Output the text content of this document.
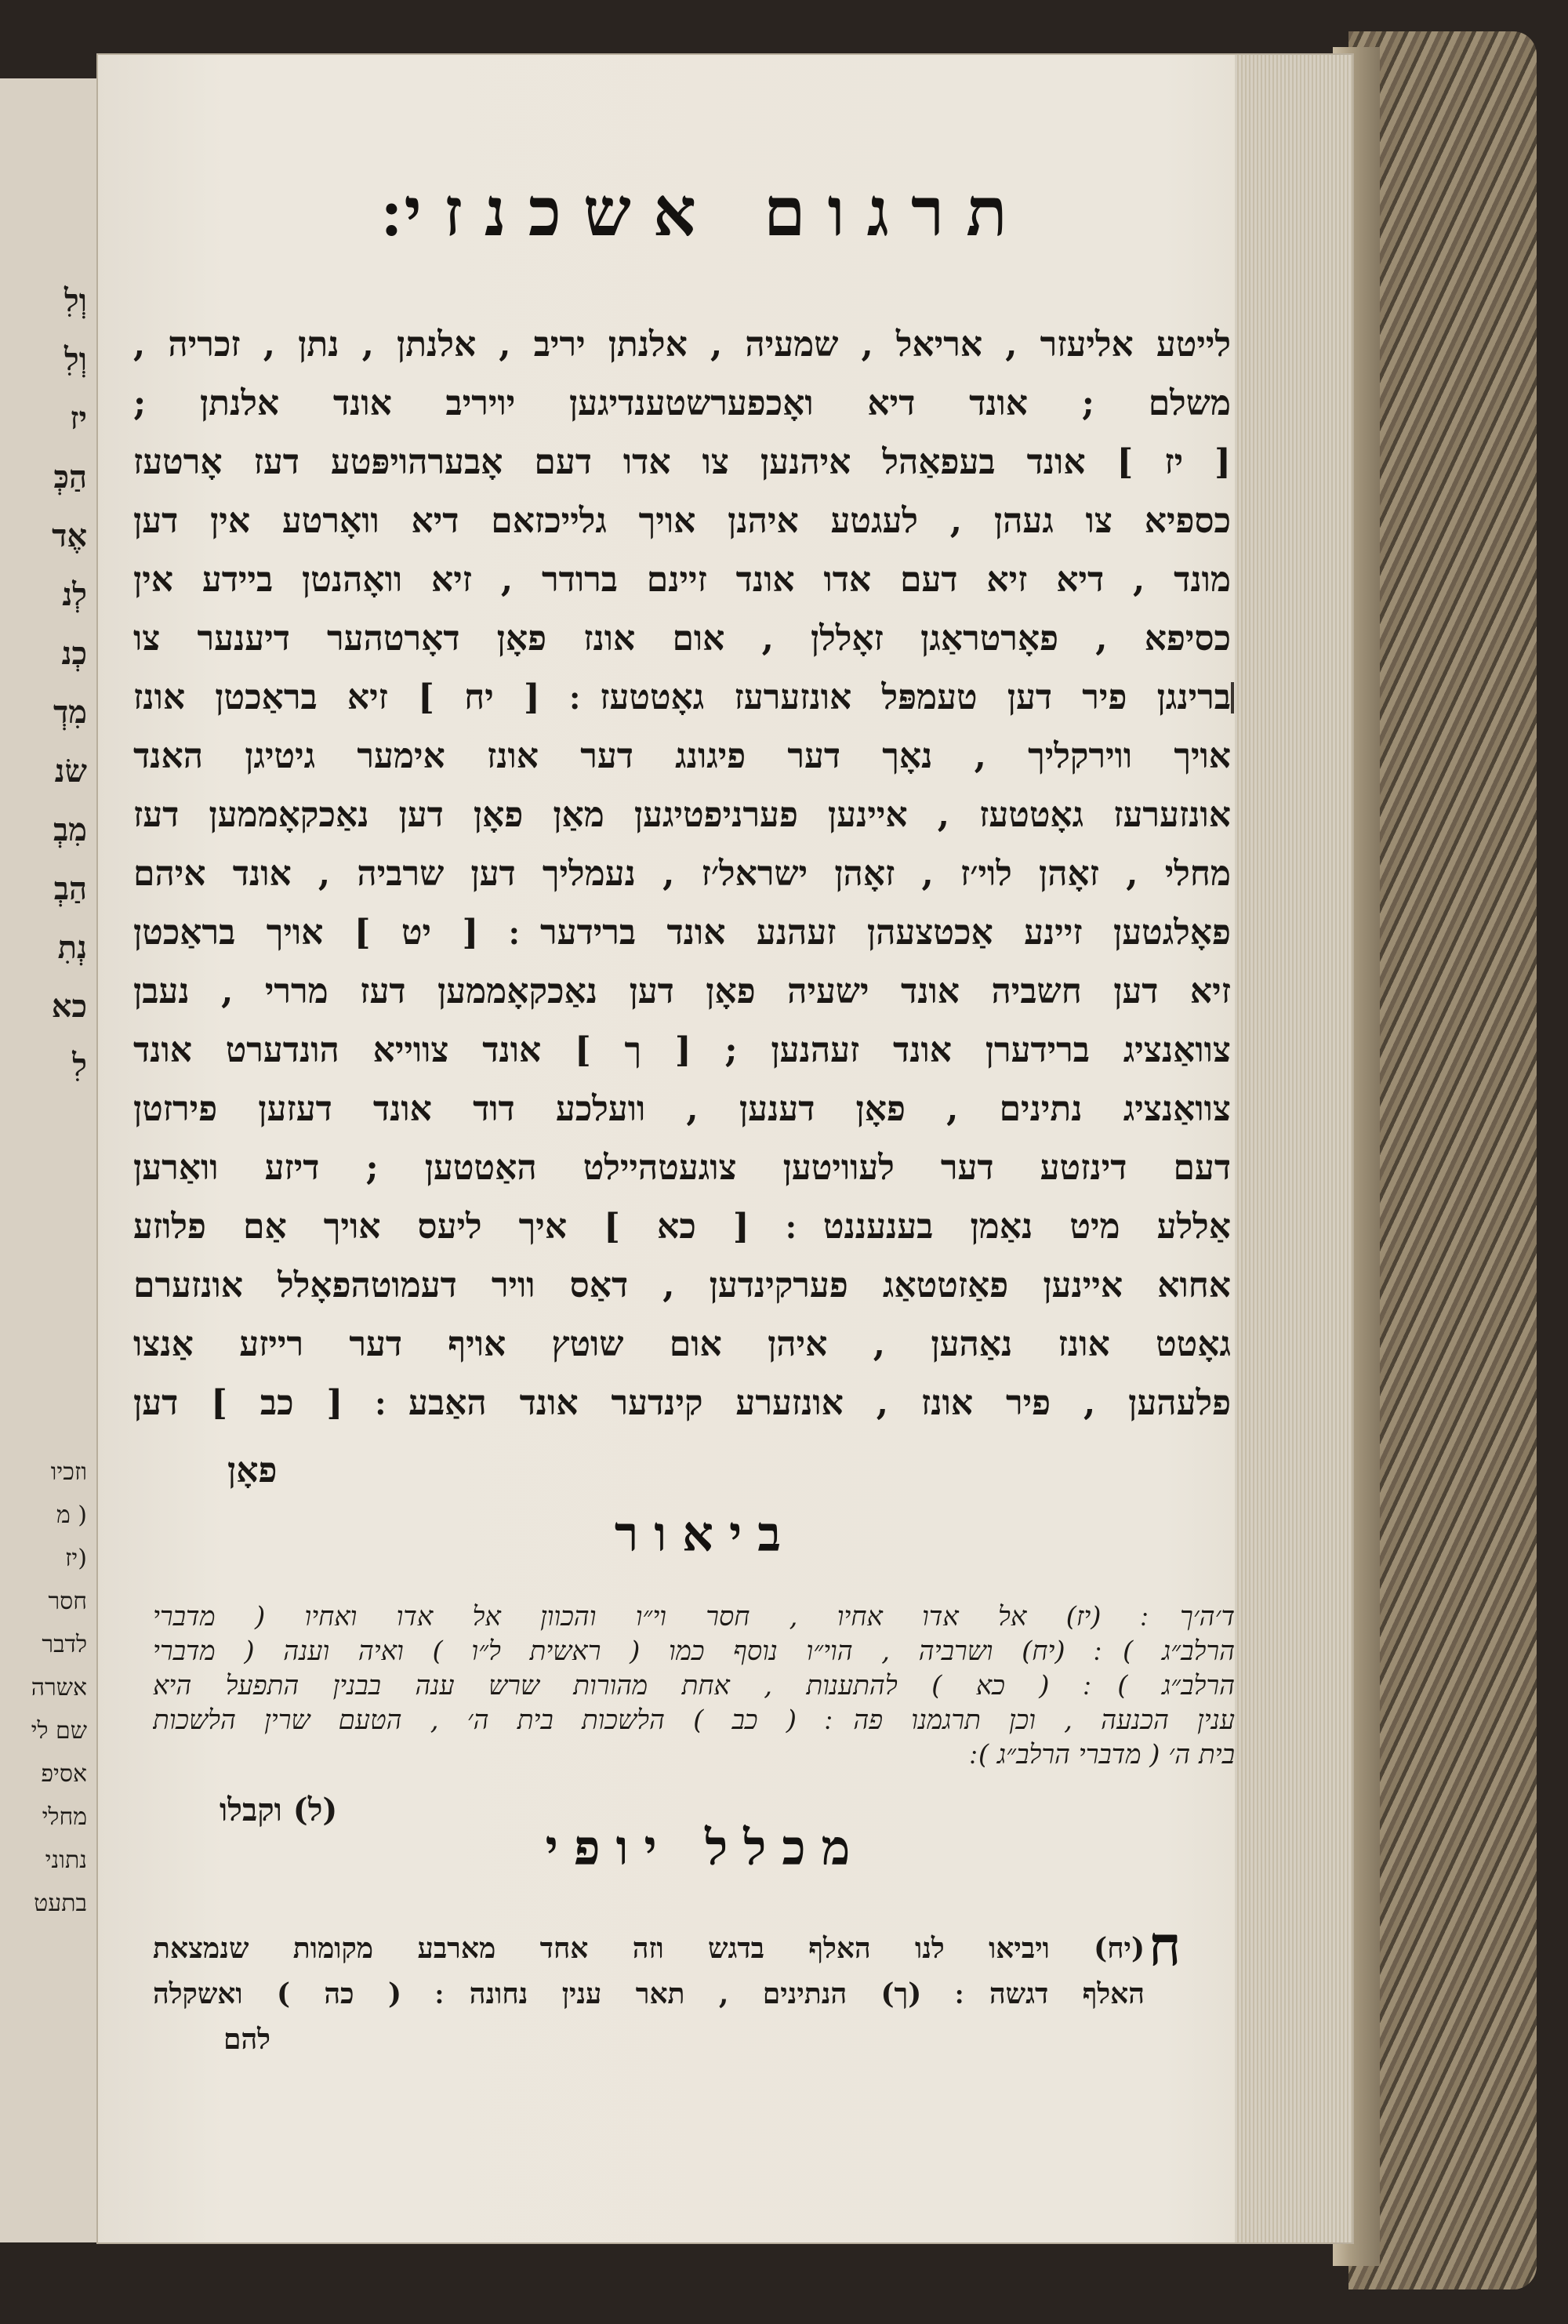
וְלִ
וְלִ
יז
הַכְּ
אֶד
לְנ
כְנ
מִדְ
שׂנ
מִבְ
הַבְ
נְתִ
כא
לִ
וזכיו
( מ
(יז
חסר
לדבר
אשרה
שם לי
אסיפ
מחלי
נתוני
בתעט
תרגום אשכנזי׃
לייטע אליעזר , אריאל , שמעיה , אלנתן יריב , אלנתן , נתן , זכריה ,
משלם ; אונד דיא ואָכפערשטענדיגען יויריב אונד אלנתן ;
[ יז ] אונד בעפאַהל איהנען צו אדו דעם אָבערהויפּטע דעז אָרטעז
כספיא צו געהן , לעגטע איהנן אויך גלייכזאם דיא וואָרטע אין דען
מונד , דיא זיא דעם אדו אונד זיינם ברודר , זיא וואָהנטן ביידע אין
כסיפא , פאָרטראַגן זאָללן , אום אונז פאָן דאָרטהער דיענער צו
ברינגן פיר דען טעמפּל אונזערעז גאָטטעז ׃ [ יח ] זיא בראַכטן אונז
אויך ווירקליך , נאָך דער פיגונג דער אונז אימער גיטיגן האנד
אונזערעז גאָטטעז , איינען פערניפטיגען מאַן פאָן דען נאַכקאָממען דעז
מחלי , זאָהן לוי׳ז , זאָהן ישראל׳ז , נעמליך דען שרביה , אונד איהם
פאָלגטען זיינע אַכטצעהן זעהנע אונד ברידער ׃ [ יט ] אויך בראַכטן
זיא דען חשביה אונד ישעיה פאָן דען נאַכקאָממען דעז מררי , נעבן
צוואַנציג ברידערן אונד זעהנען ; [ ך ] אונד צווייא הונדערט אונד
צוואַנציג נתינים , פאָן דענען , וועלכע דוד אונד דעזען פירזטן
דעם דינזטע דער לעוויטען צוגעטהיילט האַטטען ; דיזע וואַרען
אַללע מיט נאַמן בענעננט ׃ [ כא ] איך ליעס אויך אַם פלוזע
אחוא איינען פאַזטטאַג פערקינדען , דאַס וויר דעמוטהפאָלל אונזערם
גאָטט אונז נאַהען , איהן אום שוטץ אויף דער רייזע אַנצו
פלעהען , פיר אונז , אונזערע קינדער אונד האַבע ׃ [ כב ] דען
פאָן
ביאור
ד׳ה׳ך ׃ (יז) אל אדו אחיו , חסר וי״ו והכוון אל אדו ואחיו ( מדברי
הרלב״ג ) ׃ (יח) ושרביה , הוי״ו נוסף כמו ( ראשית ל״ו ) ואיה וענה ( מדברי
הרלב״ג ) ׃ ( כא ) להתענות , אחת מהורות שרש ענה בבנין התפעל היא
ענין הכנעה , וכן תרגמנו פה ׃ ( כב ) הלשכות בית ה׳ , הטעם שרין הלשכות
בית ה׳ ( מדברי הרלב״ג ) ׃
(ל) וקבלו
מכלל יופי
ח
(יח) ויביאו לנו האלף בדגש וזה אחד מארבע מקומות שנמצאת
האלף דגשה ׃ (ך) הנתינים , תאר ענין נחונה ׃ ( כה ) ואשקלה
להם
